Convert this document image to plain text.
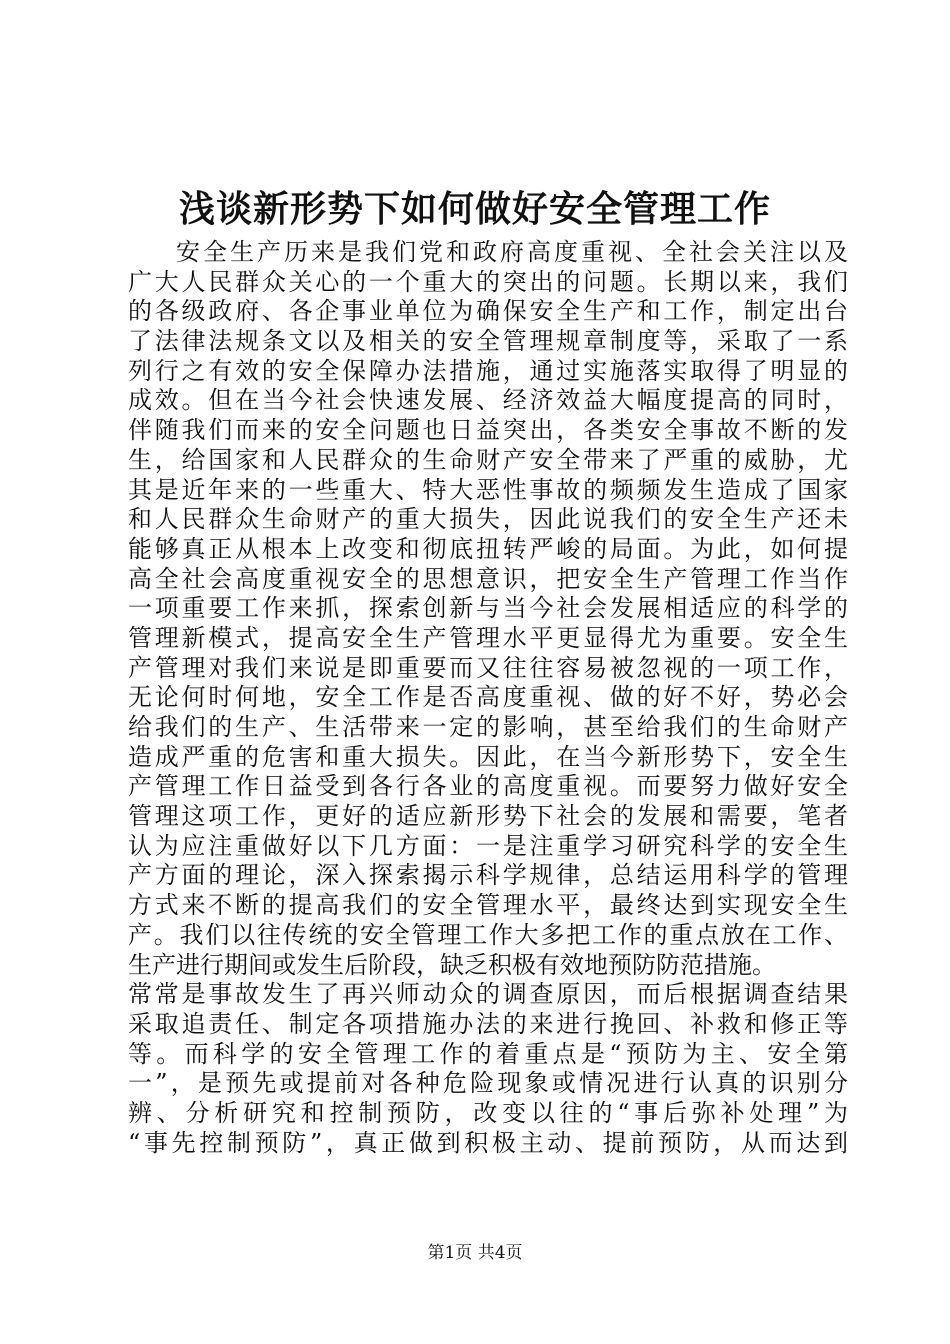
浅谈新形势下如何做好安全管理工作
安全生产历来是我们党和政府高度重视、全社会关注以及
广大人民群众关心的一个重大的突出的问题。长期以来，我们
的各级政府、各企事业单位为确保安全生产和工作，制定出台
了法律法规条文以及相关的安全管理规章制度等，采取了一系
列行之有效的安全保障办法措施，通过实施落实取得了明显的
成效。但在当今社会快速发展、经济效益大幅度提高的同时，
伴随我们而来的安全问题也日益突出，各类安全事故不断的发
生，给国家和人民群众的生命财产安全带来了严重的威胁，尤
其是近年来的一些重大、特大恶性事故的频频发生造成了国家
和人民群众生命财产的重大损失，因此说我们的安全生产还未
能够真正从根本上改变和彻底扭转严峻的局面。为此，如何提
高全社会高度重视安全的思想意识，把安全生产管理工作当作
一项重要工作来抓，探索创新与当今社会发展相适应的科学的
管理新模式，提高安全生产管理水平更显得尤为重要。安全生
产管理对我们来说是即重要而又往往容易被忽视的一项工作，
无论何时何地，安全工作是否高度重视、做的好不好，势必会
给我们的生产、生活带来一定的影响，甚至给我们的生命财产
造成严重的危害和重大损失。因此，在当今新形势下，安全生
产管理工作日益受到各行各业的高度重视。而要努力做好安全
管理这项工作，更好的适应新形势下社会的发展和需要，笔者
认为应注重做好以下几方面：一是注重学习研究科学的安全生
产方面的理论，深入探索揭示科学规律，总结运用科学的管理
方式来不断的提高我们的安全管理水平，最终达到实现安全生
产。我们以往传统的安全管理工作大多把工作的重点放在工作、
生产进行期间或发生后阶段，缺乏积极有效地预防防范措施。
常常是事故发生了再兴师动众的调查原因，而后根据调查结果
采取追责任、制定各项措施办法的来进行挽回、补救和修正等
等。而科学的安全管理工作的着重点是“预防为主、安全第
一”，是预先或提前对各种危险现象或情况进行认真的识别分
辨、分析研究和控制预防，改变以往的“事后弥补处理”为
“事先控制预防”，真正做到积极主动、提前预防，从而达到
第1页 共4页
